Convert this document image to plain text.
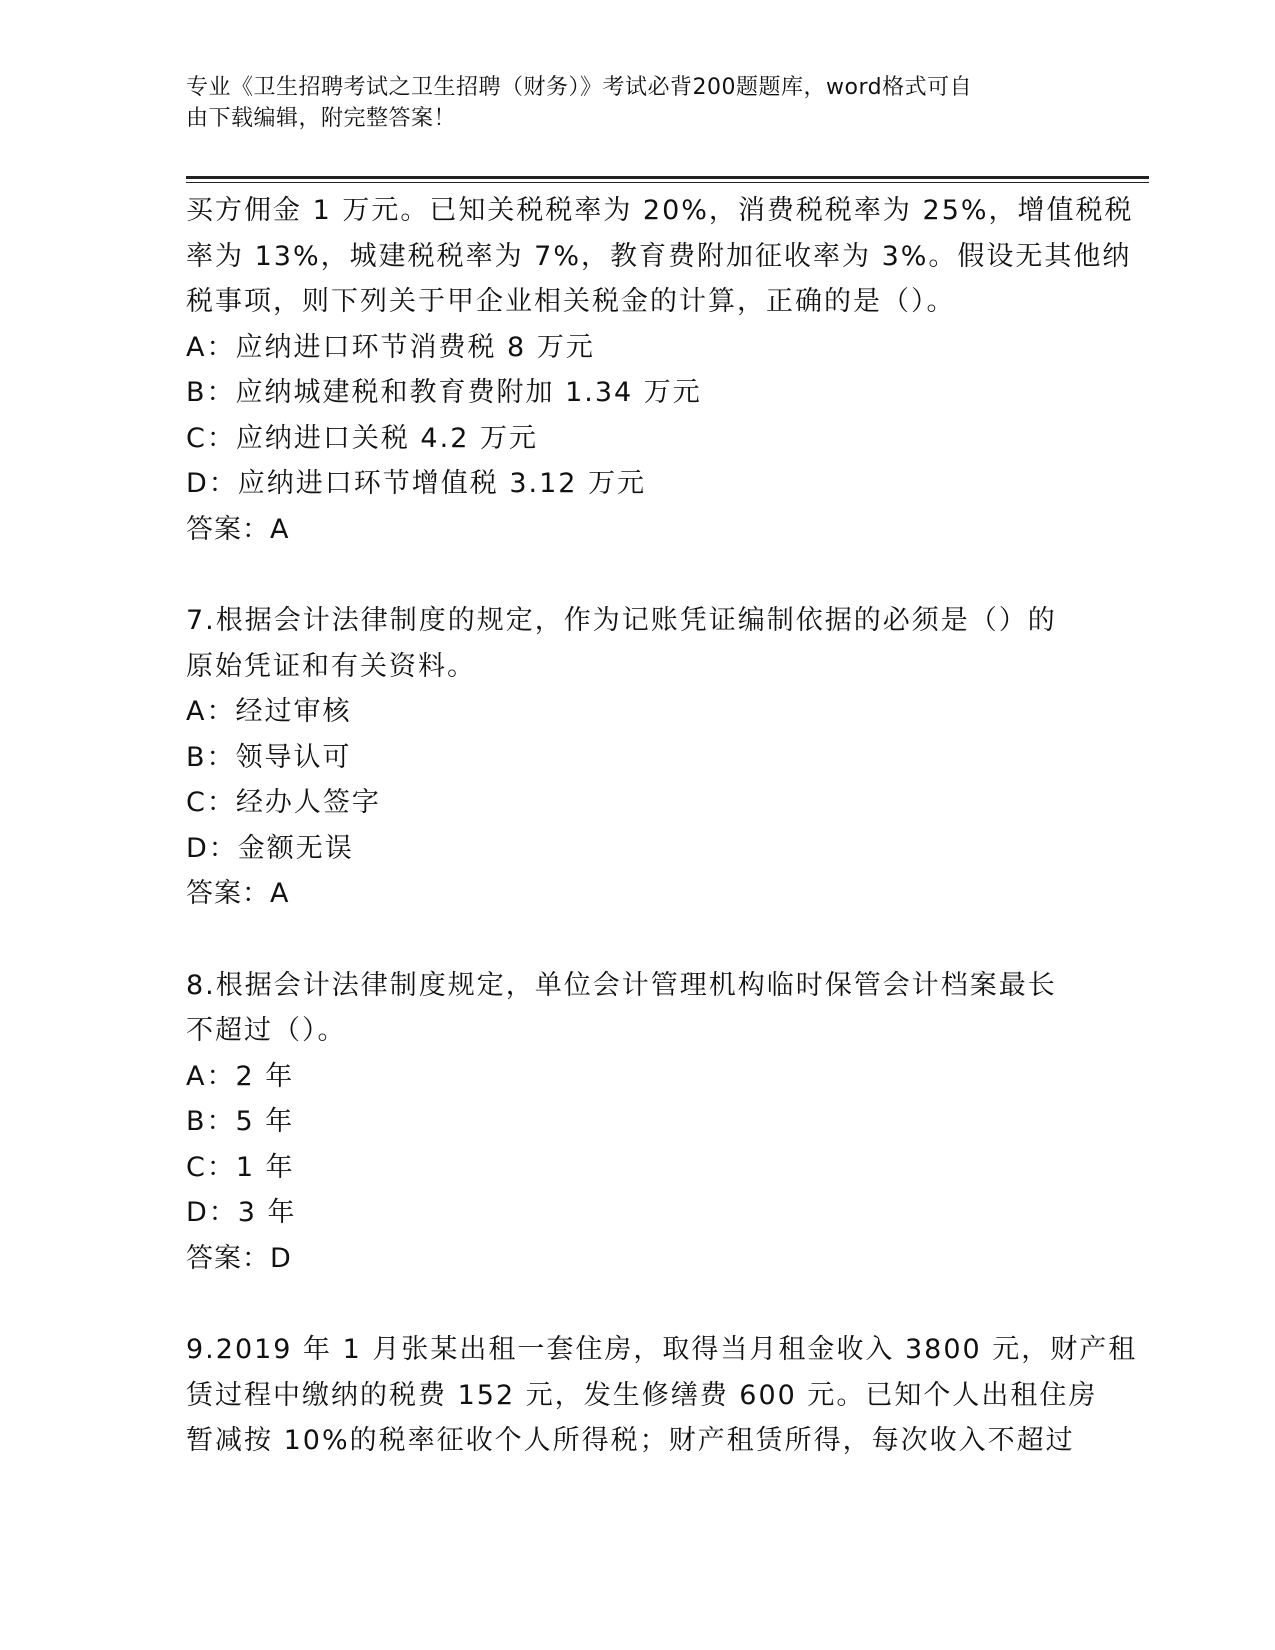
专业《卫生招聘考试之卫生招聘（财务）》考试必背200题题库，word格式可自
由下载编辑，附完整答案！
买方佣金 1 万元。已知关税税率为 20%，消费税税率为 25%，增值税税
率为 13%，城建税税率为 7%，教育费附加征收率为 3%。假设无其他纳
税事项，则下列关于甲企业相关税金的计算，正确的是（）。
A：应纳进口环节消费税 8 万元
B：应纳城建税和教育费附加 1.34 万元
C：应纳进口关税 4.2 万元
D：应纳进口环节增值税 3.12 万元
答案：A
7.根据会计法律制度的规定，作为记账凭证编制依据的必须是（）的
原始凭证和有关资料。
A：经过审核
B：领导认可
C：经办人签字
D：金额无误
答案：A
8.根据会计法律制度规定，单位会计管理机构临时保管会计档案最长
不超过（）。
A：2 年
B：5 年
C：1 年
D：3 年
答案：D
9.2019 年 1 月张某出租一套住房，取得当月租金收入 3800 元，财产租
赁过程中缴纳的税费 152 元，发生修缮费 600 元。已知个人出租住房
暂减按 10%的税率征收个人所得税；财产租赁所得，每次收入不超过
